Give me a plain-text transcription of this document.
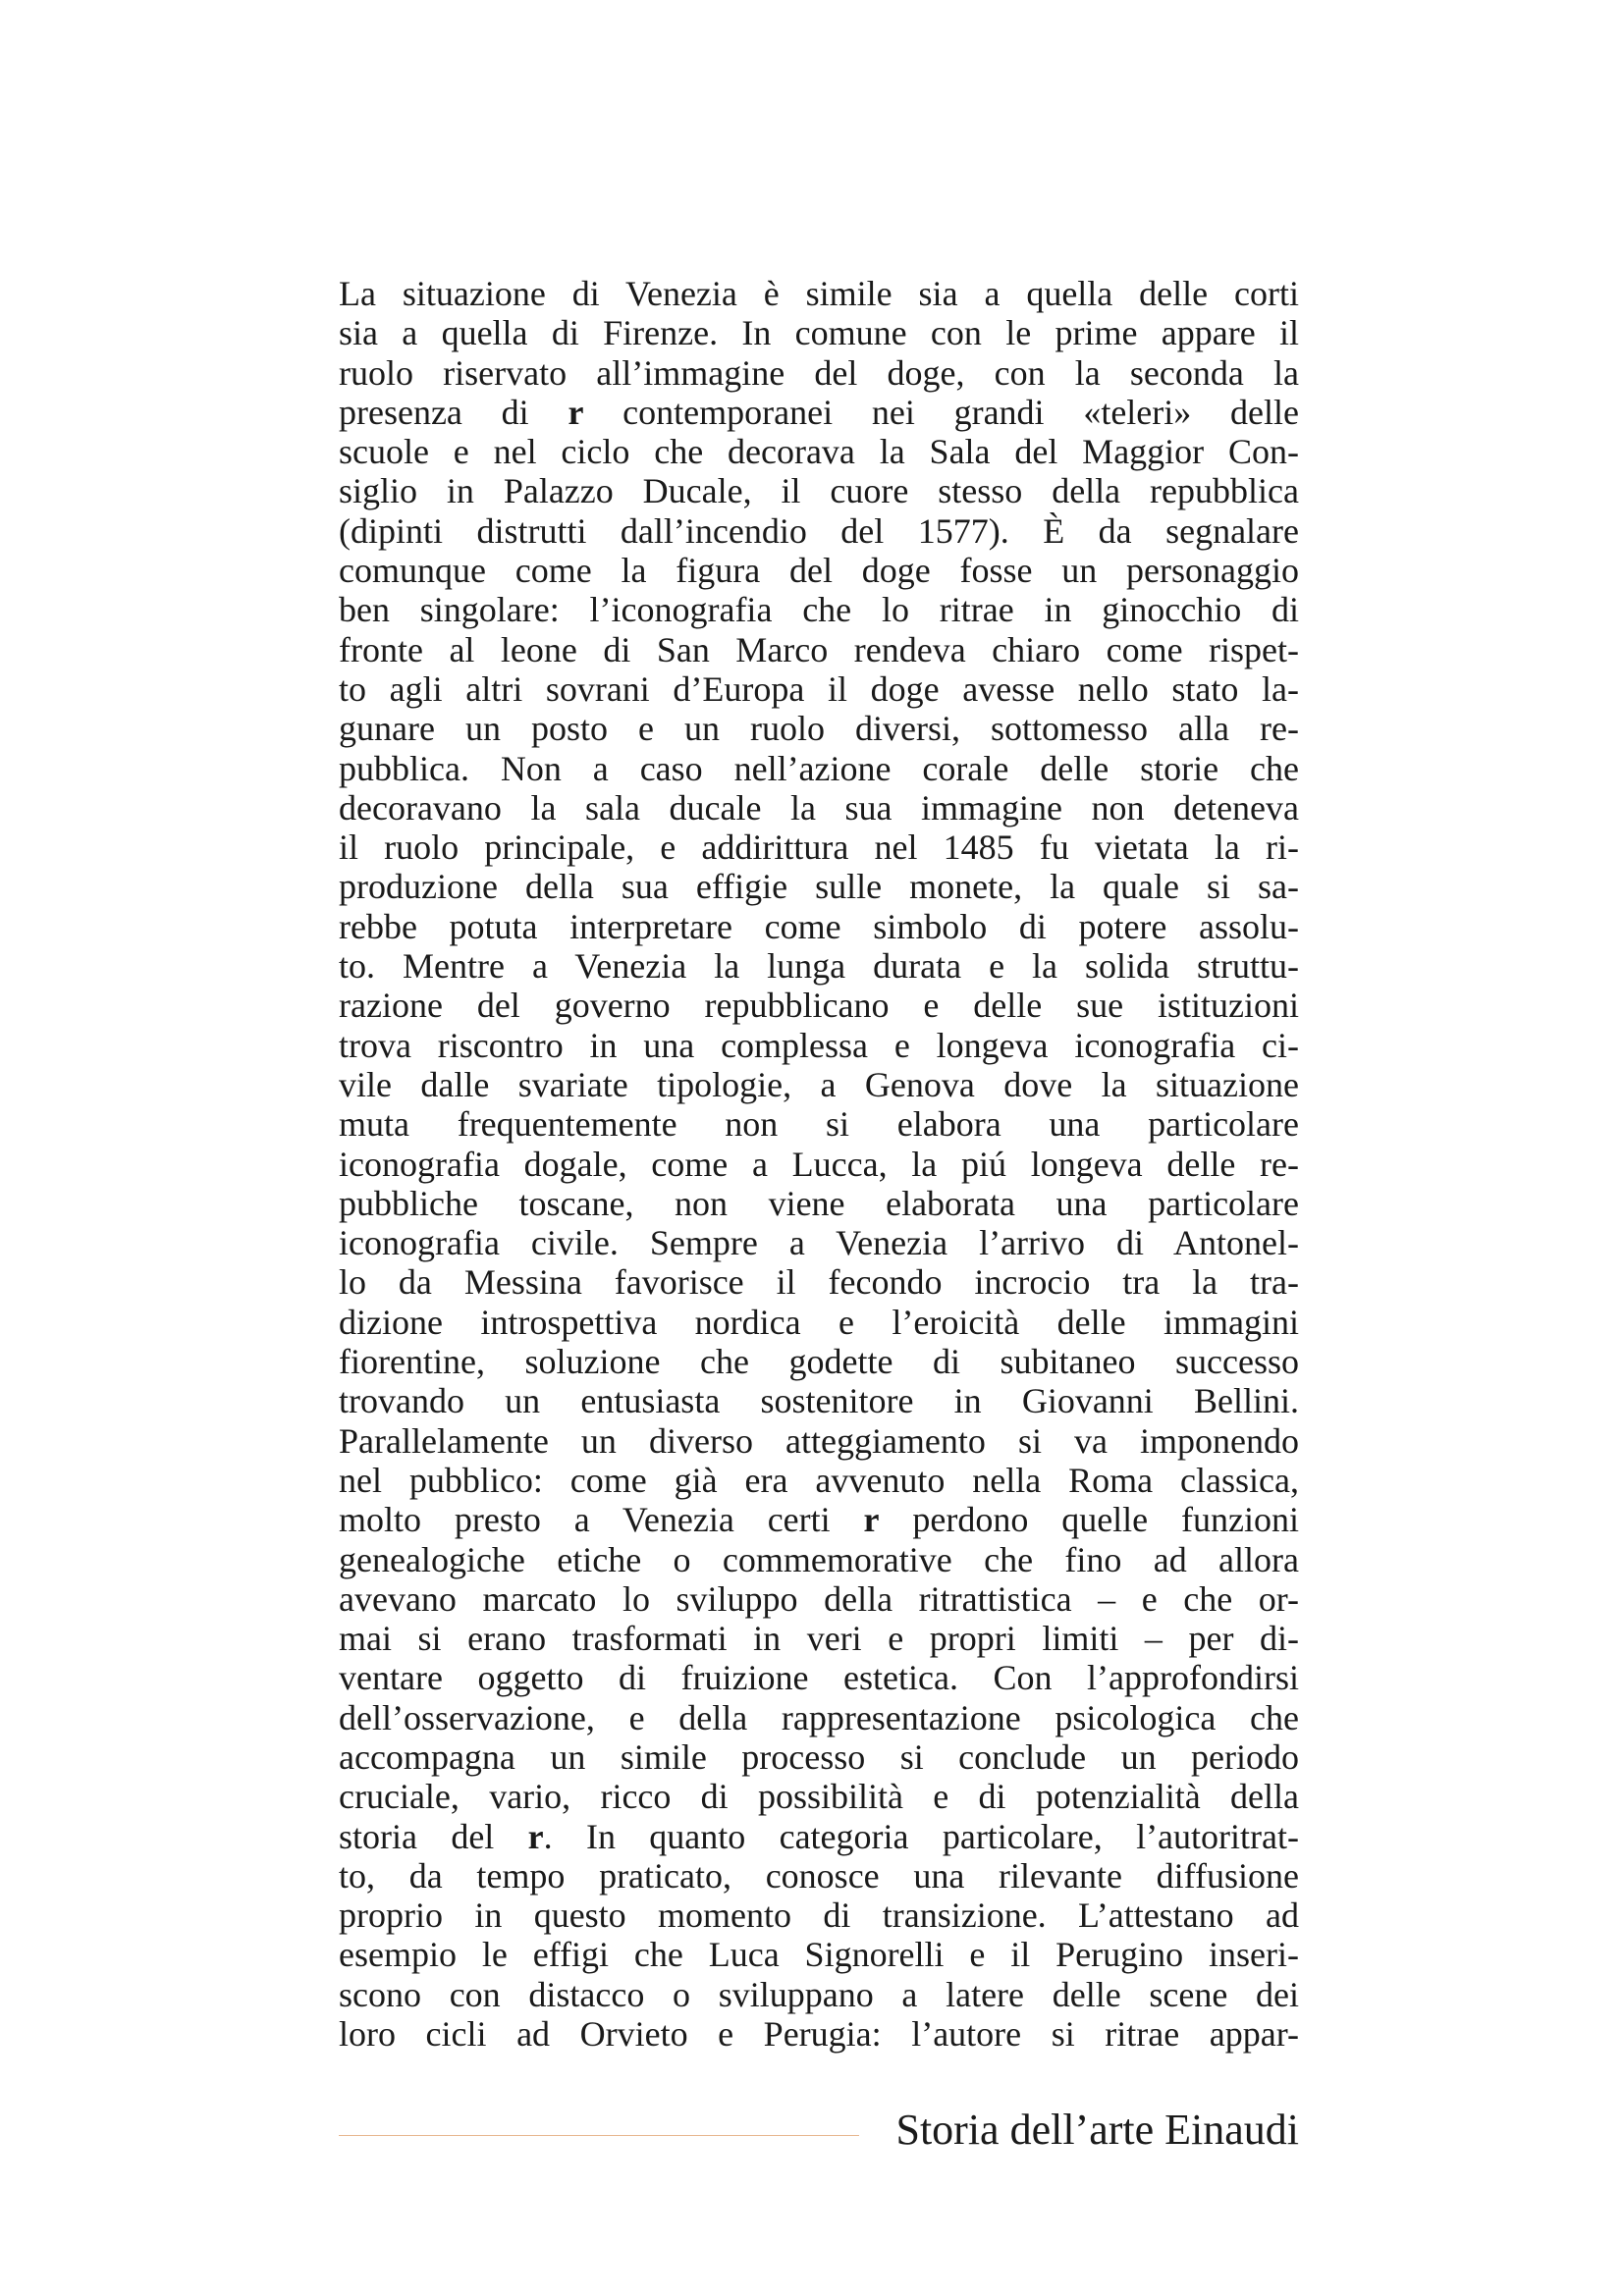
La situazione di Venezia è simile sia a quella delle corti
sia a quella di Firenze. In comune con le prime appare il
ruolo riservato all’immagine del doge, con la seconda la
presenza di r contemporanei nei grandi «teleri» delle
scuole e nel ciclo che decorava la Sala del Maggior Con-
siglio in Palazzo Ducale, il cuore stesso della repubblica
(dipinti distrutti dall’incendio del 1577). È da segnalare
comunque come la figura del doge fosse un personaggio
ben singolare: l’iconografia che lo ritrae in ginocchio di
fronte al leone di San Marco rendeva chiaro come rispet-
to agli altri sovrani d’Europa il doge avesse nello stato la-
gunare un posto e un ruolo diversi, sottomesso alla re-
pubblica. Non a caso nell’azione corale delle storie che
decoravano la sala ducale la sua immagine non deteneva
il ruolo principale, e addirittura nel 1485 fu vietata la ri-
produzione della sua effigie sulle monete, la quale si sa-
rebbe potuta interpretare come simbolo di potere assolu-
to. Mentre a Venezia la lunga durata e la solida struttu-
razione del governo repubblicano e delle sue istituzioni
trova riscontro in una complessa e longeva iconografia ci-
vile dalle svariate tipologie, a Genova dove la situazione
muta frequentemente non si elabora una particolare
iconografia dogale, come a Lucca, la piú longeva delle re-
pubbliche toscane, non viene elaborata una particolare
iconografia civile. Sempre a Venezia l’arrivo di Antonel-
lo da Messina favorisce il fecondo incrocio tra la tra-
dizione introspettiva nordica e l’eroicità delle immagini
fiorentine, soluzione che godette di subitaneo successo
trovando un entusiasta sostenitore in Giovanni Bellini.
Parallelamente un diverso atteggiamento si va imponendo
nel pubblico: come già era avvenuto nella Roma classica,
molto presto a Venezia certi r perdono quelle funzioni
genealogiche etiche o commemorative che fino ad allora
avevano marcato lo sviluppo della ritrattistica – e che or-
mai si erano trasformati in veri e propri limiti – per di-
ventare oggetto di fruizione estetica. Con l’approfondirsi
dell’osservazione, e della rappresentazione psicologica che
accompagna un simile processo si conclude un periodo
cruciale, vario, ricco di possibilità e di potenzialità della
storia del r. In quanto categoria particolare, l’autoritrat-
to, da tempo praticato, conosce una rilevante diffusione
proprio in questo momento di transizione. L’attestano ad
esempio le effigi che Luca Signorelli e il Perugino inseri-
scono con distacco o sviluppano a latere delle scene dei
loro cicli ad Orvieto e Perugia: l’autore si ritrae appar-
Storia dell’arte Einaudi
